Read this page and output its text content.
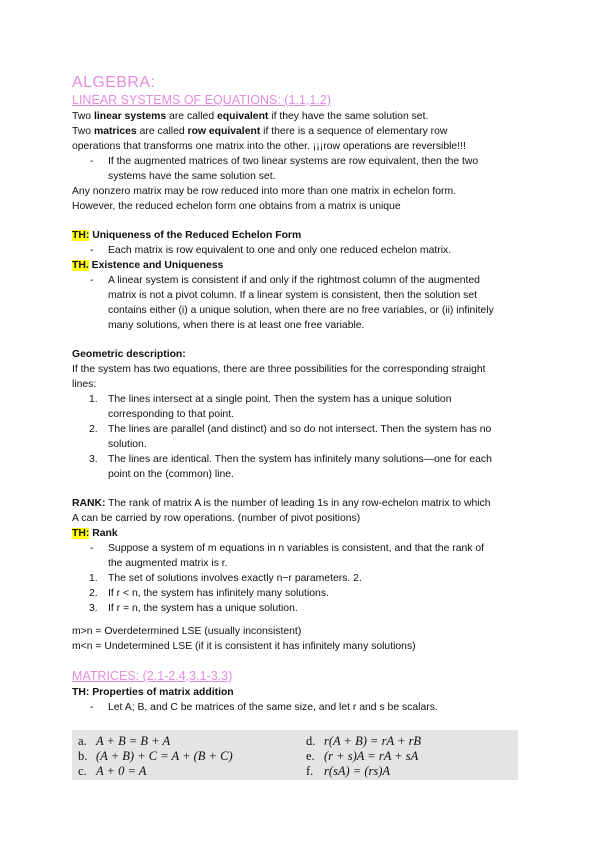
ALGEBRA:
LINEAR SYSTEMS OF EQUATIONS: (1.1,1.2)

Two linear systems are called equivalent if they have the same solution set.

Two matrices are called row equivalent if there is a sequence of elementary row

operations that transforms one matrix into the other. ¡¡¡row operations are reversible!!!

- If the augmented matrices of two linear systems are row equivalent, then the two
systems have the same solution set.

Any nonzero matrix may be row reduced into more than one matrix in echelon form.

However, the reduced echelon form one obtains from a matrix is unique

TH: Uniqueness of the Reduced Echelon Form

- Each matrix is row equivalent to one and only one reduced echelon matrix.

TH. Existence and Uniqueness

- A linear system is consistent if and only if the rightmost column of the augmented
matrix is not a pivot column. If a linear system is consistent, then the solution set
contains either (i) a unique solution, when there are no free variables, or (ii) infinitely
many solutions, when there is at least one free variable.

Geometric description:

If the system has two equations, there are three possibilities for the corresponding straight
lines:

1. The lines intersect at a single point. Then the system has a unique solution
corresponding to that point.
2. The lines are parallel (and distinct) and so do not intersect. Then the system has no
solution.
3. The lines are identical. Then the system has infinitely many solutions—one for each
point on the (common) line.

RANK: The rank of matrix A is the number of leading 1s in any row-echelon matrix to which
A can be carried by row operations. (number of pivot positions)

TH: Rank

- Suppose a system of m equations in n variables is consistent, and that the rank of
the augmented matrix is r.
1. The set of solutions involves exactly n−r parameters. 2.
2. If r < n, the system has infinitely many solutions.
3. If r = n, the system has a unique solution.

m>n = Overdetermined LSE (usually inconsistent)

m<n = Undetermined LSE (if it is consistent it has infinitely many solutions)

MATRICES: (2.1-2.4,3.1-3.3)

TH: Properties of matrix addition

- Let A; B, and C be matrices of the same size, and let r and s be scalars.
a. A + B = B + A
b. (A + B) + C = A + (B + C)
c. A + 0 = A
d. r(A + B) = rA + rB
e. (r + s)A = rA + sA
f. r(sA) = (rs)A
